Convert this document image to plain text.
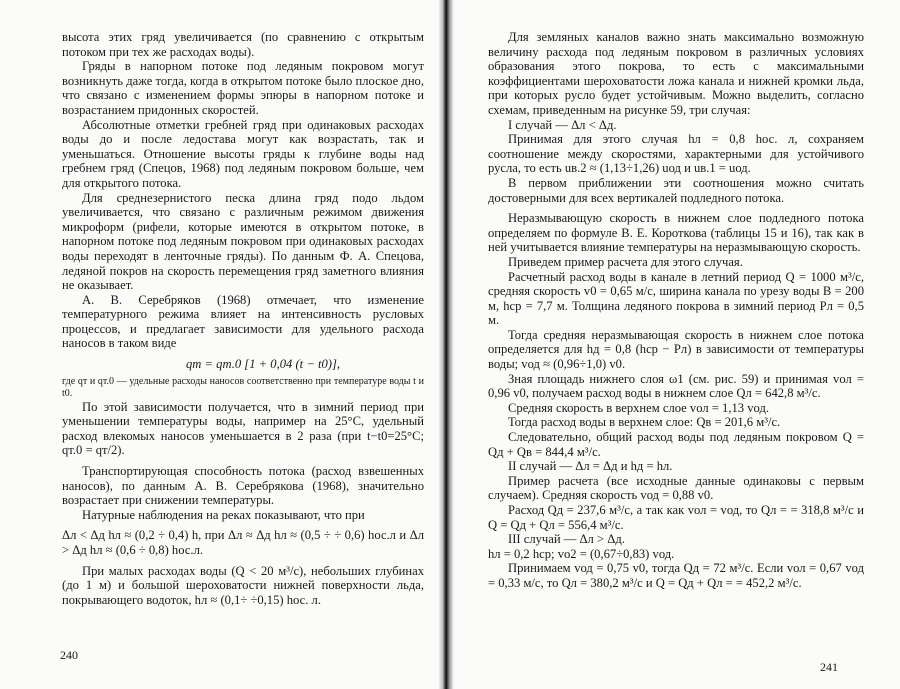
высота этих гряд увеличивается (по сравнению с открытым потоком при тех же расходах воды).

Гряды в напорном потоке под ледяным покровом могут возникнуть даже тогда, когда в открытом потоке было плоское дно, что связано с изменением формы эпюры в напорном потоке и возрастанием придонных скоростей.

Абсолютные отметки гребней гряд при одинаковых расходах воды до и после ледостава могут как возрастать, так и уменьшаться. Отношение высоты гряды к глубине воды над гребнем гряд (Спецов, 1968) под ледяным покровом больше, чем для открытого потока.

Для среднезернистого песка длина гряд подо льдом увеличивается, что связано с различным режимом движения микроформ (рифели, которые имеются в открытом потоке, в напорном потоке под ледяным покровом при одинаковых расходах воды переходят в ленточные гряды). По данным Ф. А. Спецова, ледяной покров на скорость перемещения гряд заметного влияния не оказывает.

А. В. Серебряков (1968) отмечает, что изменение температурного режима влияет на интенсивность русловых процессов, и предлагает зависимости для удельного расхода наносов в таком виде

qт = qт.0 [1 + 0,04 (t − t0)],

где qт и qт.0 — удельные расходы наносов соответственно при температуре воды t и t0.

По этой зависимости получается, что в зимний период при уменьшении температуры воды, например на 25°С, удельный расход влекомых наносов уменьшается в 2 раза (при t−t0=25°С; qт.0 = qт/2).

Транспортирующая способность потока (расход взвешенных наносов), по данным А. В. Серебрякова (1968), значительно возрастает при снижении температуры.

Натурные наблюдения на реках показывают, что при

Δл < Δд hл ≈ (0,2 ÷ 0,4) h, при Δл ≈ Δд hл ≈ (0,5 ÷ ÷ 0,6) hос.л и Δл > Δд hл ≈ (0,6 ÷ 0,8) hос.л.

При малых расходах воды (Q < 20 м³/с), небольших глубинах (до 1 м) и большой шероховатости нижней поверхности льда, покрывающего водоток, hл ≈ (0,1÷ ÷0,15) hос. л.

240

Для земляных каналов важно знать максимально возможную величину расхода под ледяным покровом в различных условиях образования этого покрова, то есть с максимальными коэффициентами шероховатости ложа канала и нижней кромки льда, при которых русло будет устойчивым. Можно выделить, согласно схемам, приведенным на рисунке 59, три случая:

I случай — Δл < Δд.

Принимая для этого случая hл = 0,8 hос. л, сохраняем соотношение между скоростями, характерными для устойчивого русла, то есть uв.2 ≈ (1,13÷1,26) uод и uв.1 = uод.

В первом приближении эти соотношения можно считать достоверными для всех вертикалей подледного потока.

Неразмывающую скорость в нижнем слое подледного потока определяем по формуле В. Е. Короткова (таблицы 15 и 16), так как в ней учитывается влияние температуры на неразмывающую скорость.

Приведем пример расчета для этого случая.

Расчетный расход воды в канале в летний период Q = 1000 м³/с, средняя скорость v0 = 0,65 м/с, ширина канала по урезу воды B = 200 м, hср = 7,7 м. Толщина ледяного покрова в зимний период Pл = 0,5 м.

Тогда средняя неразмывающая скорость в нижнем слое потока определяется для hд = 0,8 (hср − Pл) в зависимости от температуры воды; vод ≈ (0,96÷1,0) v0.

Зная площадь нижнего слоя ω1 (см. рис. 59) и принимая vол = 0,96 v0, получаем расход воды в нижнем слое Qл = 642,8 м³/с.

Средняя скорость в верхнем слое vол = 1,13 vод.

Тогда расход воды в верхнем слое: Qв = 201,6 м³/с.

Следовательно, общий расход воды под ледяным покровом Q = Qд + Qв = 844,4 м³/с.

II случай — Δл = Δд и hд = hл.

Пример расчета (все исходные данные одинаковы с первым случаем). Средняя скорость vод = 0,88 v0.

Расход Qд = 237,6 м³/с, а так как vол = vод, то Qл = = 318,8 м³/с и Q = Qд + Qл = 556,4 м³/с.

III случай — Δл > Δд.

hл = 0,2 hср; vо2 = (0,67÷0,83) vод.

Принимаем vод = 0,75 v0, тогда Qд = 72 м³/с. Если vол = 0,67 vод = 0,33 м/с, то Qл = 380,2 м³/с и Q = Qд + Qл = = 452,2 м³/с.

241
